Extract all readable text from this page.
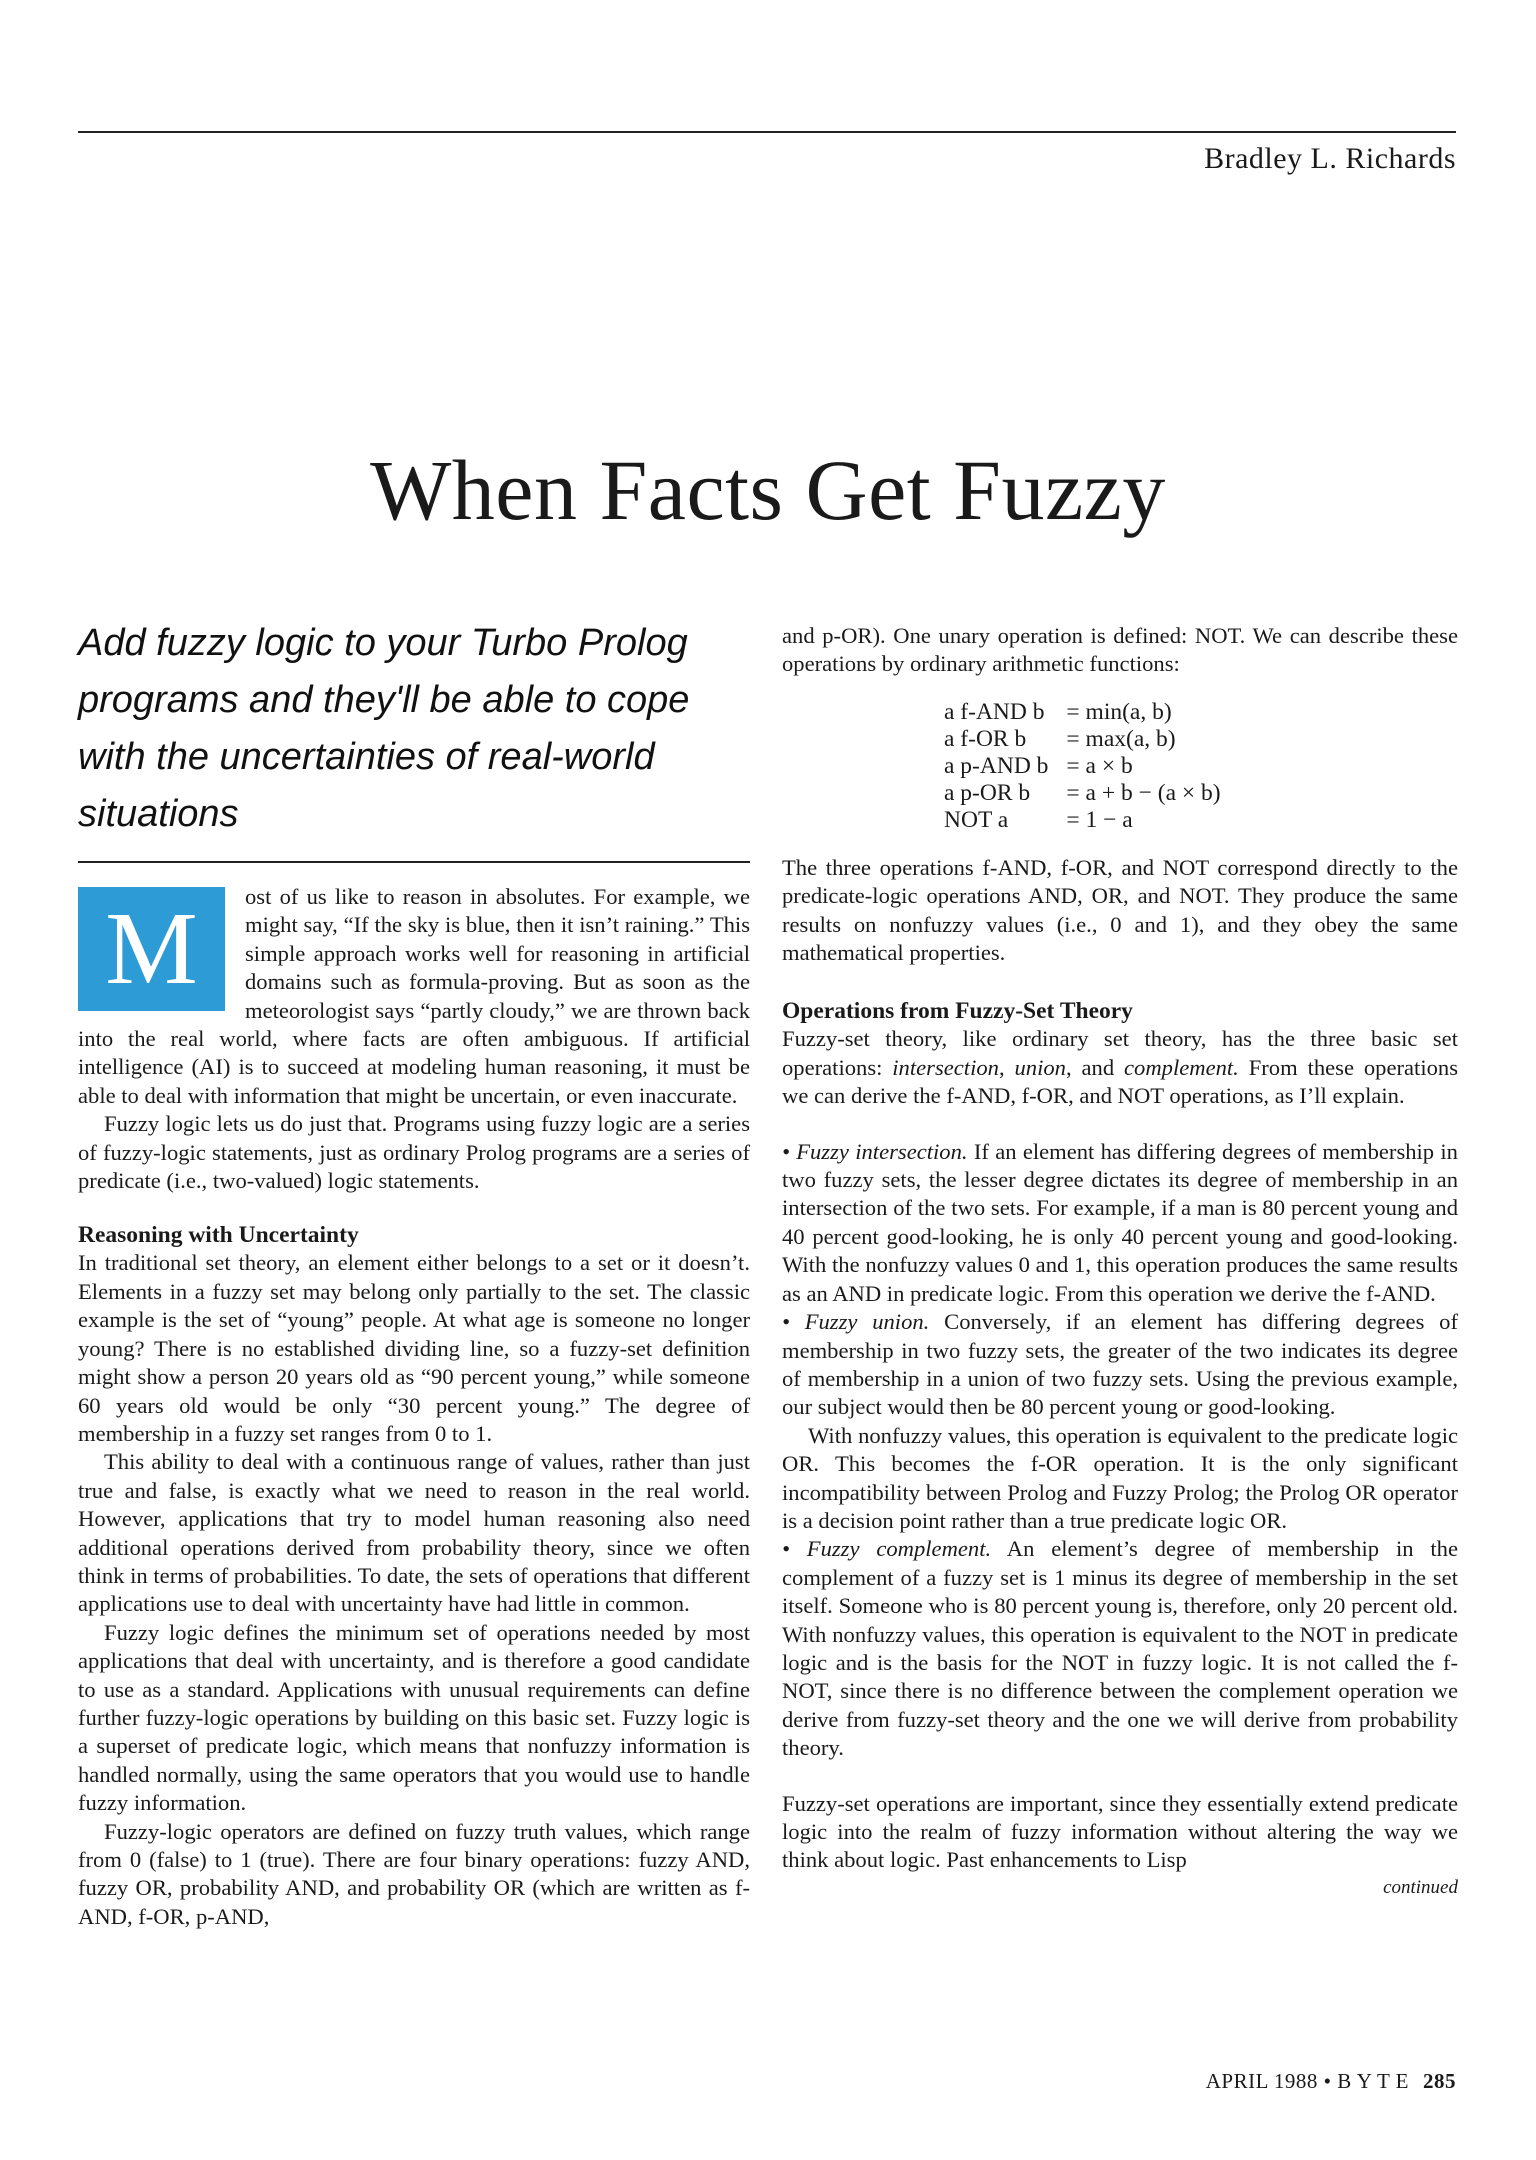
Bradley L. Richards
When Facts Get Fuzzy

Add fuzzy logic to your Turbo Prolog programs and they'll be able to cope with the uncertainties of real-world situations

M	ost of us like to reason in absolutes. For example, we might say, “If the sky is blue, then it isn’t raining.” This simple approach works well for reasoning in artificial domains such as formula-proving. But as soon as the meteorologist says “partly cloudy,” we are thrown back into the real world, where facts are often ambiguous. If artificial intelligence (AI) is to succeed at modeling human reasoning, it must be able to deal with information that might be uncertain, or even inaccurate.

Fuzzy logic lets us do just that. Programs using fuzzy logic are a series of fuzzy-logic statements, just as ordinary Prolog programs are a series of predicate (i.e., two-valued) logic statements.

Reasoning with Uncertainty

In traditional set theory, an element either belongs to a set or it doesn’t. Elements in a fuzzy set may belong only partially to the set. The classic example is the set of “young” people. At what age is someone no longer young? There is no established dividing line, so a fuzzy-set definition might show a person 20 years old as “90 percent young,” while someone 60 years old would be only “30 percent young.” The degree of membership in a fuzzy set ranges from 0 to 1.

This ability to deal with a continuous range of values, rather than just true and false, is exactly what we need to reason in the real world. However, applications that try to model human reasoning also need additional operations derived from probability theory, since we often think in terms of probabilities. To date, the sets of operations that different applications use to deal with uncertainty have had little in common.

Fuzzy logic defines the minimum set of operations needed by most applications that deal with uncertainty, and is therefore a good candidate to use as a standard. Applications with unusual requirements can define further fuzzy-logic operations by building on this basic set. Fuzzy logic is a superset of predicate logic, which means that nonfuzzy information is handled normally, using the same operators that you would use to handle fuzzy information.

Fuzzy-logic operators are defined on fuzzy truth values, which range from 0 (false) to 1 (true). There are four binary operations: fuzzy AND, fuzzy OR, probability AND, and probability OR (which are written as f-AND, f-OR, p-AND,

and p-OR). One unary operation is defined: NOT. We can describe these operations by ordinary arithmetic functions:

a f-AND b	= min(a, b)
a f-OR b	= max(a, b)
a p-AND b	= a × b
a p-OR b	= a + b − (a × b)
NOT a	= 1 − a

The three operations f-AND, f-OR, and NOT correspond directly to the predicate-logic operations AND, OR, and NOT. They produce the same results on nonfuzzy values (i.e., 0 and 1), and they obey the same mathematical properties.

Operations from Fuzzy-Set Theory

Fuzzy-set theory, like ordinary set theory, has the three basic set operations: intersection, union, and complement. From these operations we can derive the f-AND, f-OR, and NOT operations, as I’ll explain.

• Fuzzy intersection. If an element has differing degrees of membership in two fuzzy sets, the lesser degree dictates its degree of membership in an intersection of the two sets. For example, if a man is 80 percent young and 40 percent good-looking, he is only 40 percent young and good-looking. With the nonfuzzy values 0 and 1, this operation produces the same results as an AND in predicate logic. From this operation we derive the f-AND.

• Fuzzy union. Conversely, if an element has differing degrees of membership in two fuzzy sets, the greater of the two indicates its degree of membership in a union of two fuzzy sets. Using the previous example, our subject would then be 80 percent young or good-looking.

With nonfuzzy values, this operation is equivalent to the predicate logic OR. This becomes the f-OR operation. It is the only significant incompatibility between Prolog and Fuzzy Prolog; the Prolog OR operator is a decision point rather than a true predicate logic OR.

• Fuzzy complement. An element’s degree of membership in the complement of a fuzzy set is 1 minus its degree of membership in the set itself. Someone who is 80 percent young is, therefore, only 20 percent old. With nonfuzzy values, this operation is equivalent to the NOT in predicate logic and is the basis for the NOT in fuzzy logic. It is not called the f-NOT, since there is no difference between the complement operation we derive from fuzzy-set theory and the one we will derive from probability theory.

Fuzzy-set operations are important, since they essentially extend predicate logic into the realm of fuzzy information without altering the way we think about logic. Past enhancements to Lisp

continued
APRIL 1988 • B Y T E 285
